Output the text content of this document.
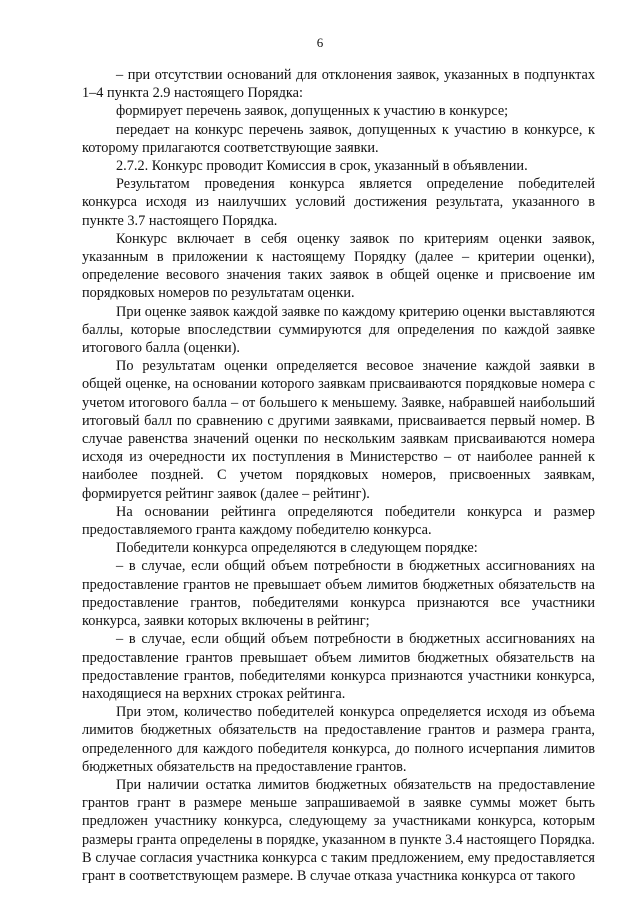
6

– при отсутствии оснований для отклонения заявок, указанных в подпунктах 1–4 пункта 2.9 настоящего Порядка:

формирует перечень заявок, допущенных к участию в конкурсе;

передает на конкурс перечень заявок, допущенных к участию в конкурсе, к которому прилагаются соответствующие заявки.

2.7.2. Конкурс проводит Комиссия в срок, указанный в объявлении.

Результатом проведения конкурса является определение победителей конкурса исходя из наилучших условий достижения результата, указанного в пункте 3.7 настоящего Порядка.

Конкурс включает в себя оценку заявок по критериям оценки заявок, указанным в приложении к настоящему Порядку (далее – критерии оценки), определение весового значения таких заявок в общей оценке и присвоение им порядковых номеров по результатам оценки.

При оценке заявок каждой заявке по каждому критерию оценки выставляются баллы, которые впоследствии суммируются для определения по каждой заявке итогового балла (оценки).

По результатам оценки определяется весовое значение каждой заявки в общей оценке, на основании которого заявкам присваиваются порядковые номера с учетом итогового балла – от большего к меньшему. Заявке, набравшей наибольший итоговый балл по сравнению с другими заявками, присваивается первый номер. В случае равенства значений оценки по нескольким заявкам присваиваются номера исходя из очередности их поступления в Министерство – от наиболее ранней к наиболее поздней. С учетом порядковых номеров, присвоенных заявкам, формируется рейтинг заявок (далее – рейтинг).

На основании рейтинга определяются победители конкурса и размер предоставляемого гранта каждому победителю конкурса.

Победители конкурса определяются в следующем порядке:

– в случае, если общий объем потребности в бюджетных ассигнованиях на предоставление грантов не превышает объем лимитов бюджетных обязательств на предоставление грантов, победителями конкурса признаются все участники конкурса, заявки которых включены в рейтинг;

– в случае, если общий объем потребности в бюджетных ассигнованиях на предоставление грантов превышает объем лимитов бюджетных обязательств на предоставление грантов, победителями конкурса признаются участники конкурса, находящиеся на верхних строках рейтинга.

При этом, количество победителей конкурса определяется исходя из объема лимитов бюджетных обязательств на предоставление грантов и размера гранта, определенного для каждого победителя конкурса, до полного исчерпания лимитов бюджетных обязательств на предоставление грантов.

При наличии остатка лимитов бюджетных обязательств на предоставление грантов грант в размере меньше запрашиваемой в заявке суммы может быть предложен участнику конкурса, следующему за участниками конкурса, которым размеры гранта определены в порядке, указанном в пункте 3.4 настоящего Порядка. В случае согласия участника конкурса с таким предложением, ему предоставляется грант в соответствующем размере. В случае отказа участника конкурса от такого
